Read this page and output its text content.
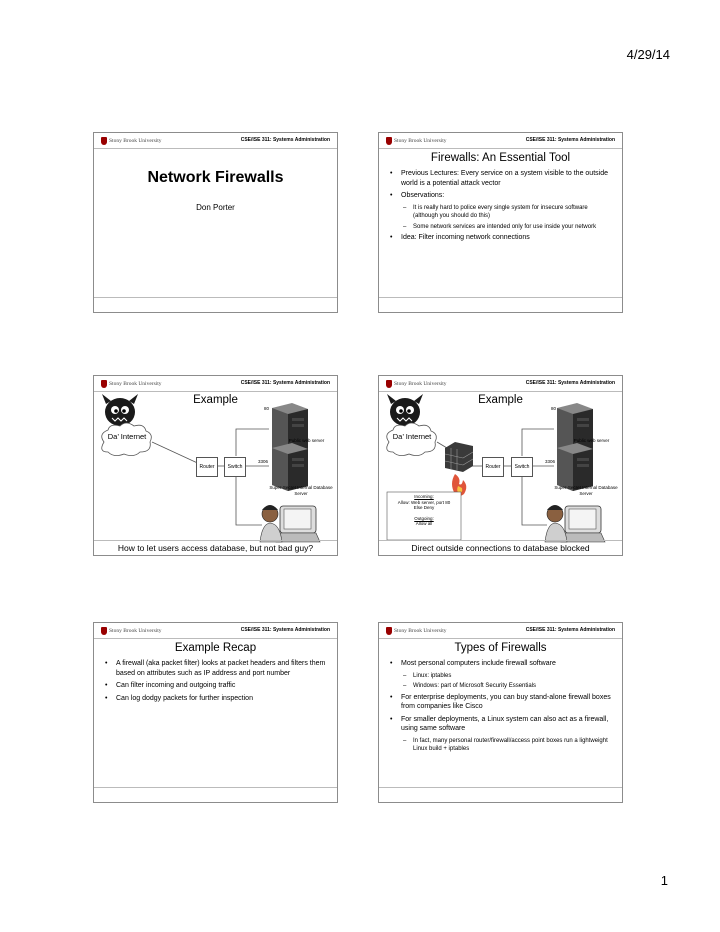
4/29/14
Stony Brook University	CSE/ISE 311: Systems Administration
Network Firewalls
Don Porter
Stony Brook University	CSE/ISE 311: Systems Administration
Firewalls: An Essential Tool
• Previous Lectures: Every service on a system visible to the outside world is a potential attack vector
• Observations:
– It is really hard to police every single system for insecure software (although you should do this)
– Some network services are intended only for use inside your network
• Idea: Filter incoming network connections
Stony Brook University	CSE/ISE 311: Systems Administration
Example
Da’ Internet
Router	Switch
80
3306
Public web server
Super-Secret Internal Database Server
How to let users access database, but not bad guy?
Stony Brook University	CSE/ISE 311: Systems Administration
Example
Da’ Internet
Router	Switch
80
3306
Public web server
Super-Secret Internal Database Server
Incoming:
Allow: Web server, port 80
Else Deny
Outgoing:
Allow all
Direct outside connections to database blocked
Stony Brook University	CSE/ISE 311: Systems Administration
Example Recap
• A firewall (aka packet filter) looks at packet headers and filters them based on attributes such as IP address and port number
• Can filter incoming and outgoing traffic
• Can log dodgy packets for further inspection
Stony Brook University	CSE/ISE 311: Systems Administration
Types of Firewalls
• Most personal computers include firewall software
– Linux: iptables
– Windows: part of Microsoft Security Essentials
• For enterprise deployments, you can buy stand-alone firewall boxes from companies like Cisco
• For smaller deployments, a Linux system can also act as a firewall, using same software
– In fact, many personal router/firewall/access point boxes run a lightweight Linux build + iptables
1
